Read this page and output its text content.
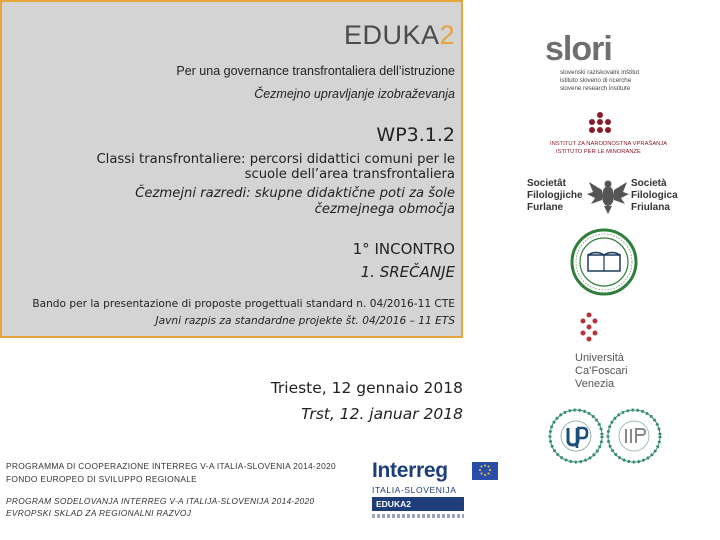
EDUKA2
Per una governance transfrontaliera dell’istruzione
Čezmejno upravljanje izobraževanja
WP3.1.2
Classi transfrontaliere: percorsi didattici comuni per le
scuole dell’area transfrontaliera
Čezmejni razredi: skupne didaktične poti za šole
čezmejnega območja
1° INCONTRO
1. SREČANJE
Bando per la presentazione di proposte progettuali standard n. 04/2016-11 CTE
Javni razpis za standardne projekte št. 04/2016 – 11 ETS
Trieste, 12 gennaio 2018
Trst, 12. januar 2018
PROGRAMMA DI COOPERAZIONE INTERREG V-A ITALIA-SLOVENIA 2014-2020
FONDO EUROPEO DI SVILUPPO REGIONALE
PROGRAM SODELOVANJA INTERREG V-A ITALIJA-SLOVENIJA 2014-2020
EVROPSKI SKLAD ZA REGIONALNI RAZVOJ
Interreg
ITALIA-SLOVENIJA
EDUKA2
slori
slovenski raziskovalni inštitut
istituto sloveno di ricerche
slovene research institute
INSTITUT ZA NARODNOSTNA VPRAŠANJA
ISTITUTO PER LE MINORANZE
Societât
Filologjiche
Furlane
Società
Filologica
Friulana
Università
Ca’Foscari
Venezia
